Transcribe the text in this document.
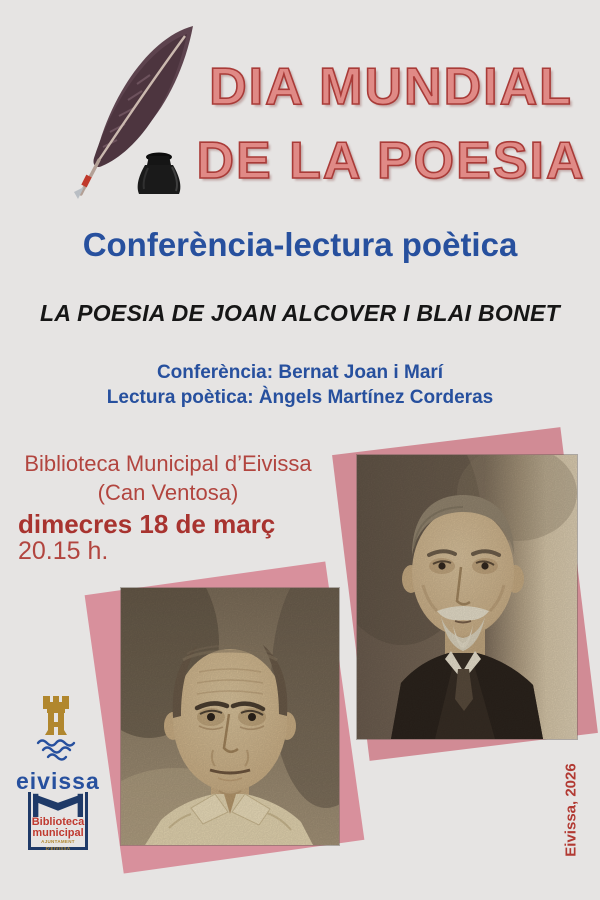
DIA MUNDIAL
DE LA POESIA
Conferència-lectura poètica
LA POESIA DE JOAN ALCOVER I BLAI BONET
Conferència: Bernat Joan i Marí
Lectura poètica: Àngels Martínez Corderas
Biblioteca Municipal d’Eivissa
(Can Ventosa)
dimecres 18 de març
20.15 h.
eivissa
Biblioteca
municipal
AJUNTAMENT D'EIVISSA	Eivissa, 2026
